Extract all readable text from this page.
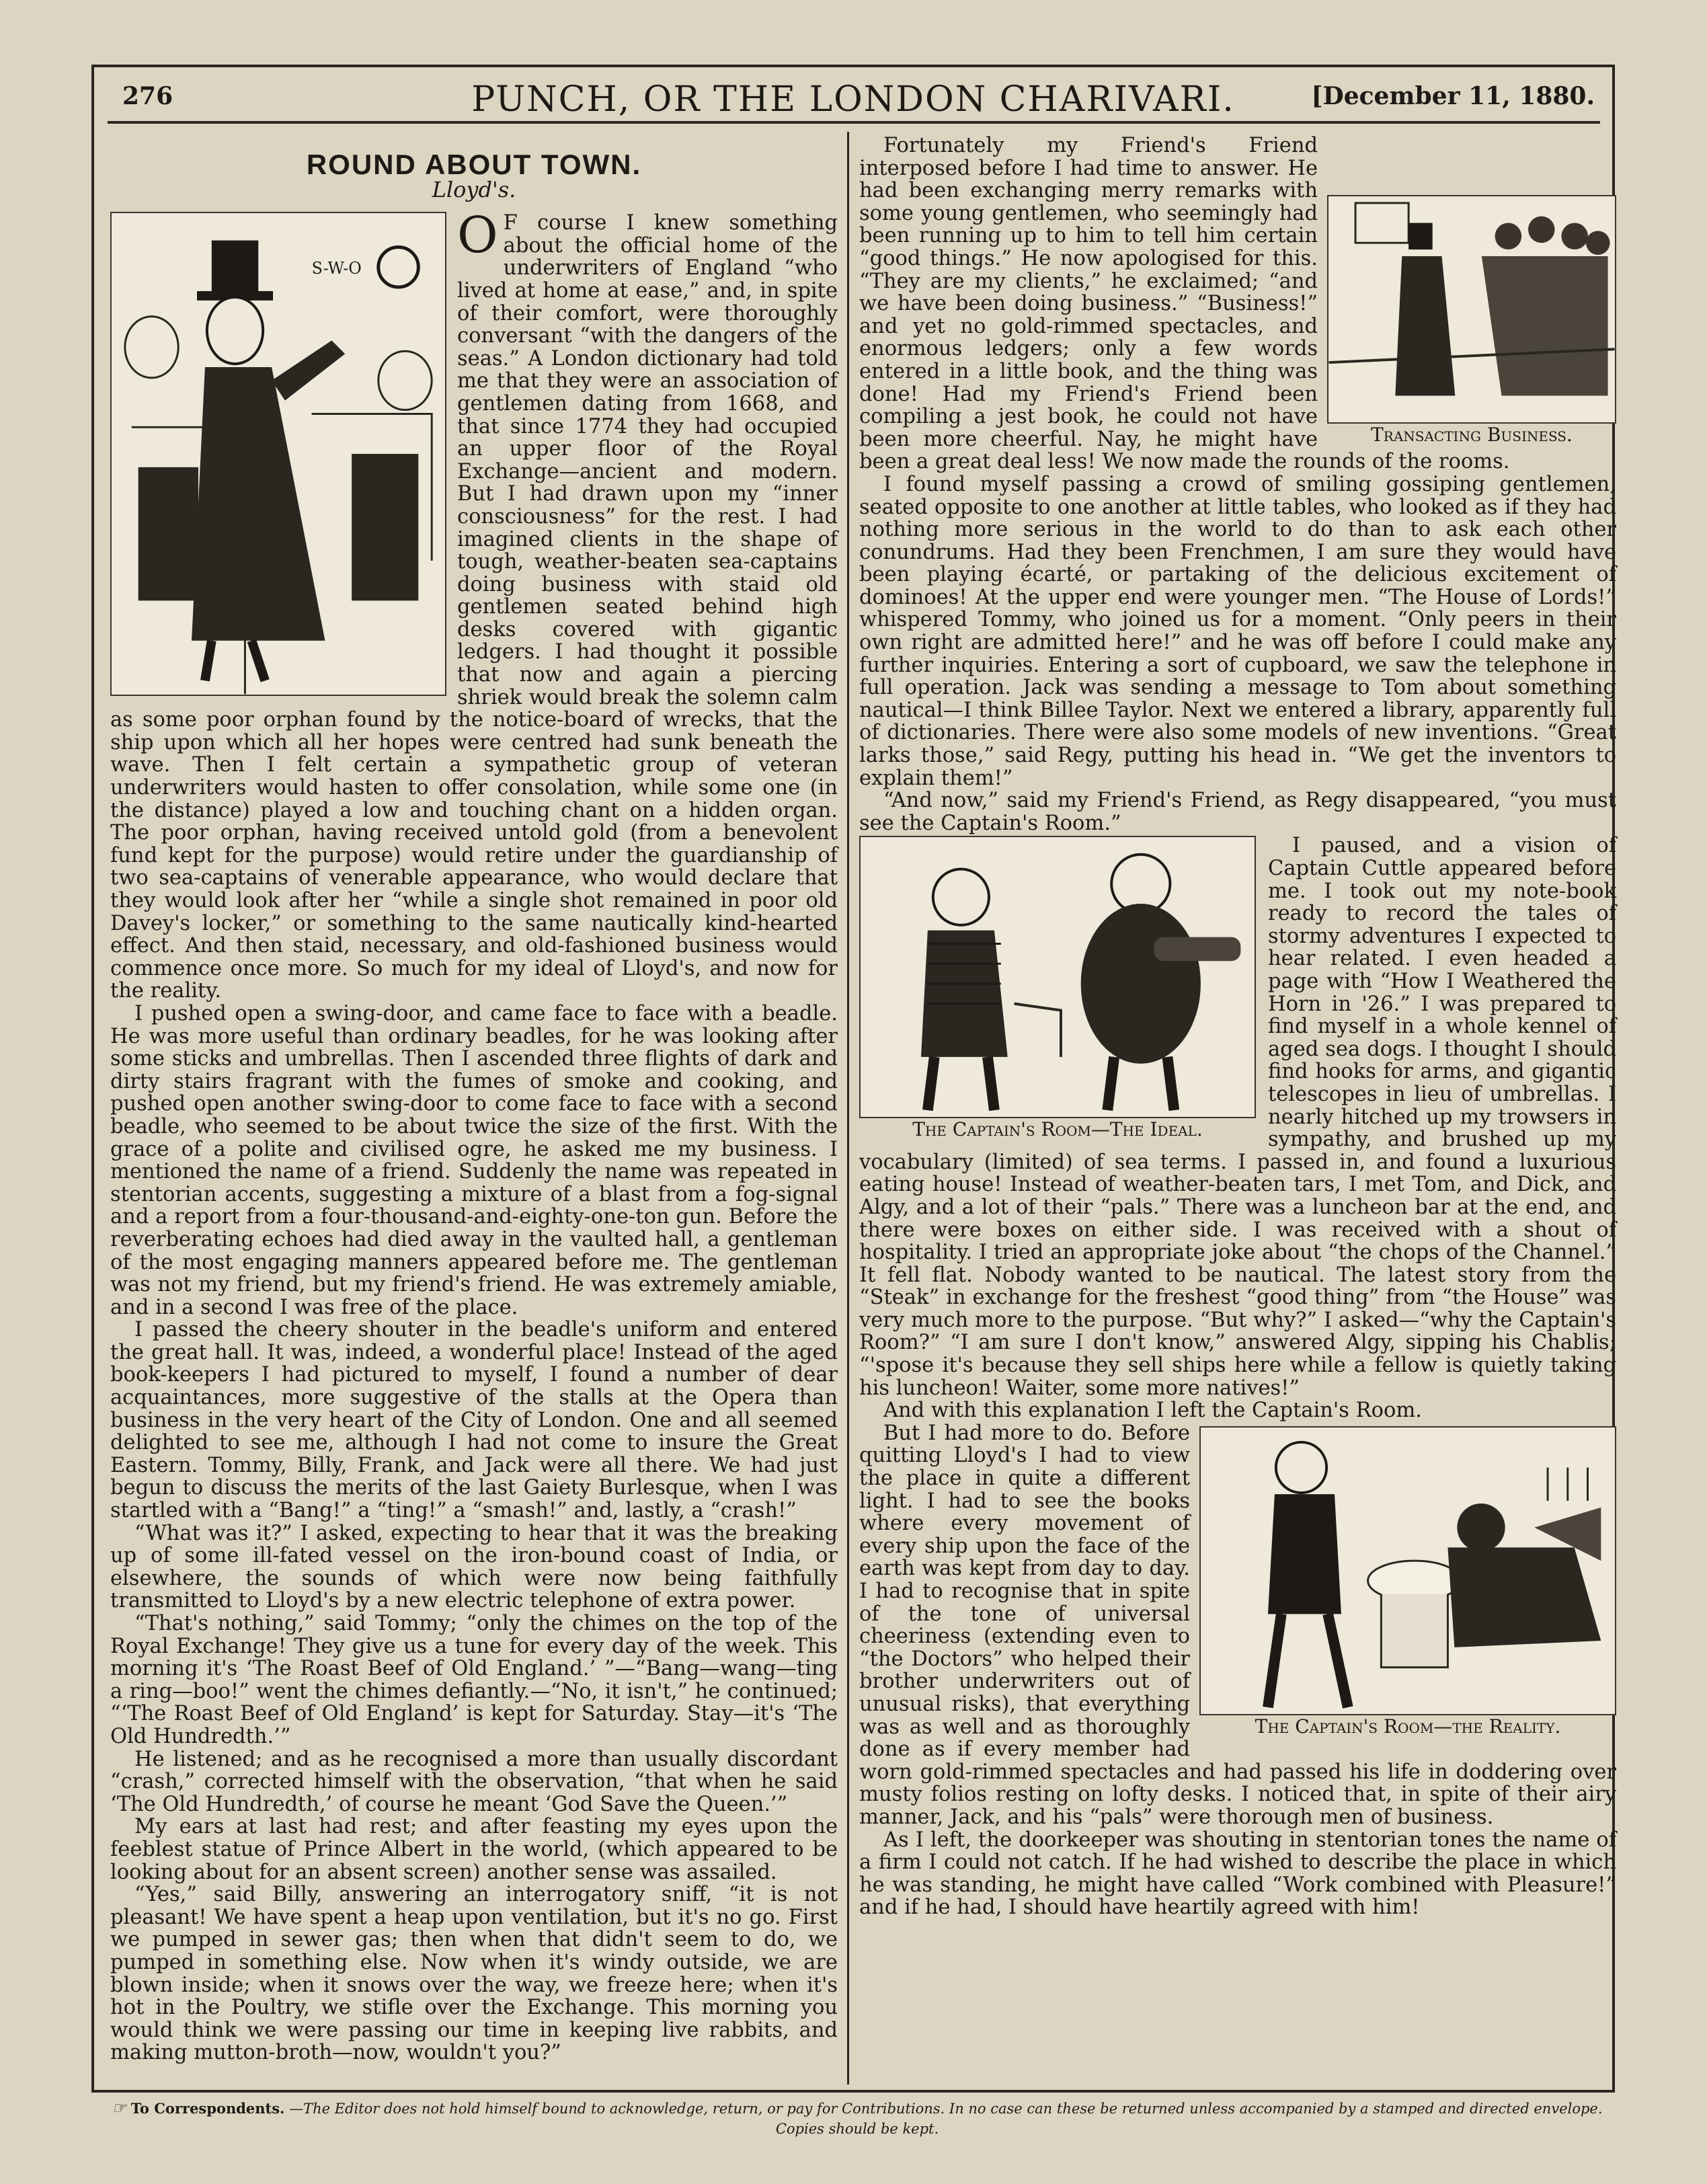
276	PUNCH, OR THE LONDON CHARIVARI.	[December 11, 1880.
ROUND ABOUT TOWN.
Lloyd's.
S-W-O

O F course I knew something about the official home of the underwriters of England “who lived at home at ease,” and, in spite of their comfort, were thoroughly conversant “with the dangers of the seas.” A London dictionary had told me that they were an association of gentlemen dating from 1668, and that since 1774 they had occupied an upper floor of the Royal Exchange—ancient and modern. But I had drawn upon my “inner consciousness” for the rest. I had imagined clients in the shape of tough, weather-beaten sea-captains doing business with staid old gentlemen seated behind high desks covered with gigantic ledgers. I had thought it possible that now and again a piercing shriek would break the solemn calm as some poor orphan found by the notice-board of wrecks, that the ship upon which all her hopes were centred had sunk beneath the wave. Then I felt certain a sympathetic group of veteran underwriters would hasten to offer consolation, while some one (in the distance) played a low and touching chant on a hidden organ. The poor orphan, having received untold gold (from a benevolent fund kept for the purpose) would retire under the guardianship of two sea-captains of venerable appearance, who would declare that they would look after her “while a single shot remained in poor old Davey's locker,” or something to the same nautically kind-hearted effect. And then staid, necessary, and old-fashioned business would commence once more. So much for my ideal of Lloyd's, and now for the reality.

I pushed open a swing-door, and came face to face with a beadle. He was more useful than ordinary beadles, for he was looking after some sticks and umbrellas. Then I ascended three flights of dark and dirty stairs fragrant with the fumes of smoke and cooking, and pushed open another swing-door to come face to face with a second beadle, who seemed to be about twice the size of the first. With the grace of a polite and civilised ogre, he asked me my business. I mentioned the name of a friend. Suddenly the name was repeated in stentorian accents, suggesting a mixture of a blast from a fog-signal and a report from a four-thousand-and-eighty-one-ton gun. Before the reverberating echoes had died away in the vaulted hall, a gentleman of the most engaging manners appeared before me. The gentleman was not my friend, but my friend's friend. He was extremely amiable, and in a second I was free of the place.

I passed the cheery shouter in the beadle's uniform and entered the great hall. It was, indeed, a wonderful place! Instead of the aged book-keepers I had pictured to myself, I found a number of dear acquaintances, more suggestive of the stalls at the Opera than business in the very heart of the City of London. One and all seemed delighted to see me, although I had not come to insure the Great Eastern. Tommy, Billy, Frank, and Jack were all there. We had just begun to discuss the merits of the last Gaiety Burlesque, when I was startled with a “Bang!” a “ting!” a “smash!” and, lastly, a “crash!”

“What was it?” I asked, expecting to hear that it was the breaking up of some ill-fated vessel on the iron-bound coast of India, or elsewhere, the sounds of which were now being faithfully transmitted to Lloyd's by a new electric telephone of extra power.

“That's nothing,” said Tommy; “only the chimes on the top of the Royal Exchange! They give us a tune for every day of the week. This morning it's ‘The Roast Beef of Old England.’ ”—“Bang—wang—ting a ring—boo!” went the chimes defiantly.—“No, it isn't,” he continued; “‘The Roast Beef of Old England’ is kept for Saturday. Stay—it's ‘The Old Hundredth.’”

He listened; and as he recognised a more than usually discordant “crash,” corrected himself with the observation, “that when he said ‘The Old Hundredth,’ of course he meant ‘God Save the Queen.’”

My ears at last had rest; and after feasting my eyes upon the feeblest statue of Prince Albert in the world, (which appeared to be looking about for an absent screen) another sense was assailed.

“Yes,” said Billy, answering an interrogatory sniff, “it is not pleasant! We have spent a heap upon ventilation, but it's no go. First we pumped in sewer gas; then when that didn't seem to do, we pumped in something else. Now when it's windy outside, we are blown inside; when it snows over the way, we freeze here; when it's hot in the Poultry, we stifle over the Exchange. This morning you would think we were passing our time in keeping live rabbits, and making mutton-broth—now, wouldn't you?”

Transacting Business.

Fortunately my Friend's Friend interposed before I had time to answer. He had been exchanging merry remarks with some young gentlemen, who seemingly had been running up to him to tell him certain “good things.” He now apologised for this. “They are my clients,” he exclaimed; “and we have been doing business.” “Business!” and yet no gold-rimmed spectacles, and enormous ledgers; only a few words entered in a little book, and the thing was done! Had my Friend's Friend been compiling a jest book, he could not have been more cheerful. Nay, he might have been a great deal less! We now made the rounds of the rooms.

I found myself passing a crowd of smiling gossiping gentlemen, seated opposite to one another at little tables, who looked as if they had nothing more serious in the world to do than to ask each other conundrums. Had they been Frenchmen, I am sure they would have been playing écarté, or partaking of the delicious excitement of dominoes! At the upper end were younger men. “The House of Lords!” whispered Tommy, who joined us for a moment. “Only peers in their own right are admitted here!” and he was off before I could make any further inquiries. Entering a sort of cupboard, we saw the telephone in full operation. Jack was sending a message to Tom about something nautical—I think Billee Taylor. Next we entered a library, apparently full of dictionaries. There were also some models of new inventions. “Great larks those,” said Regy, putting his head in. “We get the inventors to explain them!”

“And now,” said my Friend's Friend, as Regy disappeared, “you must see the Captain's Room.”

The Captain's Room—The Ideal.

I paused, and a vision of Captain Cuttle appeared before me. I took out my note-book ready to record the tales of stormy adventures I expected to hear related. I even headed a page with “How I Weathered the Horn in '26.” I was prepared to find myself in a whole kennel of aged sea dogs. I thought I should find hooks for arms, and gigantic telescopes in lieu of umbrellas. I nearly hitched up my trowsers in sympathy, and brushed up my vocabulary (limited) of sea terms. I passed in, and found a luxurious eating house! Instead of weather-beaten tars, I met Tom, and Dick, and Algy, and a lot of their “pals.” There was a luncheon bar at the end, and there were boxes on either side. I was received with a shout of hospitality. I tried an appropriate joke about “the chops of the Channel.” It fell flat. Nobody wanted to be nautical. The latest story from the “Steak” in exchange for the freshest “good thing” from “the House” was very much more to the purpose. “But why?” I asked—“why the Captain's Room?” “I am sure I don't know,” answered Algy, sipping his Chablis; “'spose it's because they sell ships here while a fellow is quietly taking his luncheon! Waiter, some more natives!”

And with this explanation I left the Captain's Room.

The Captain's Room—the Reality.

But I had more to do. Before quitting Lloyd's I had to view the place in quite a different light. I had to see the books where every movement of every ship upon the face of the earth was kept from day to day. I had to recognise that in spite of the tone of universal cheeriness (extending even to “the Doctors” who helped their brother underwriters out of unusual risks), that everything was as well and as thoroughly done as if every member had worn gold-rimmed spectacles and had passed his life in doddering over musty folios resting on lofty desks. I noticed that, in spite of their airy manner, Jack, and his “pals” were thorough men of business.

As I left, the doorkeeper was shouting in stentorian tones the name of a firm I could not catch. If he had wished to describe the place in which he was standing, he might have called “Work combined with Pleasure!” and if he had, I should have heartily agreed with him!

☞ To Correspondents. —The Editor does not hold himself bound to acknowledge, return, or pay for Contributions. In no case can these be returned unless accompanied by a stamped and directed envelope. Copies should be kept.
